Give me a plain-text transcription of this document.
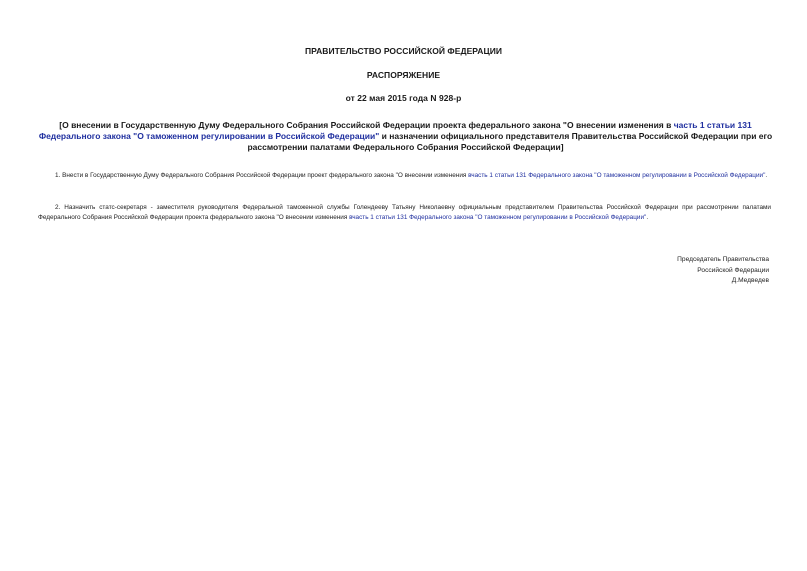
ПРАВИТЕЛЬСТВО РОССИЙСКОЙ ФЕДЕРАЦИИ
РАСПОРЯЖЕНИЕ
от 22 мая 2015 года N 928-р
[О внесении в Государственную Думу Федерального Собрания Российской Федерации проекта федерального закона "О внесении изменения в часть 1 статьи 131 Федерального закона "О таможенном регулировании в Российской Федерации" и назначении официального представителя Правительства Российской Федерации при его рассмотрении палатами Федерального Собрания Российской Федерации]
1. Внести в Государственную Думу Федерального Собрания Российской Федерации проект федерального закона "О внесении изменения вчасть 1 статьи 131 Федерального закона "О таможенном регулировании в Российской Федерации".
2. Назначить статс-секретаря - заместителя руководителя Федеральной таможенной службы Голендееву Татьяну Николаевну официальным представителем Правительства Российской Федерации при рассмотрении палатами Федерального Собрания Российской Федерации проекта федерального закона "О внесении изменения вчасть 1 статьи 131 Федерального закона "О таможенном регулировании в Российской Федерации".
Председатель Правительства
Российской Федерации
Д.Медведев
